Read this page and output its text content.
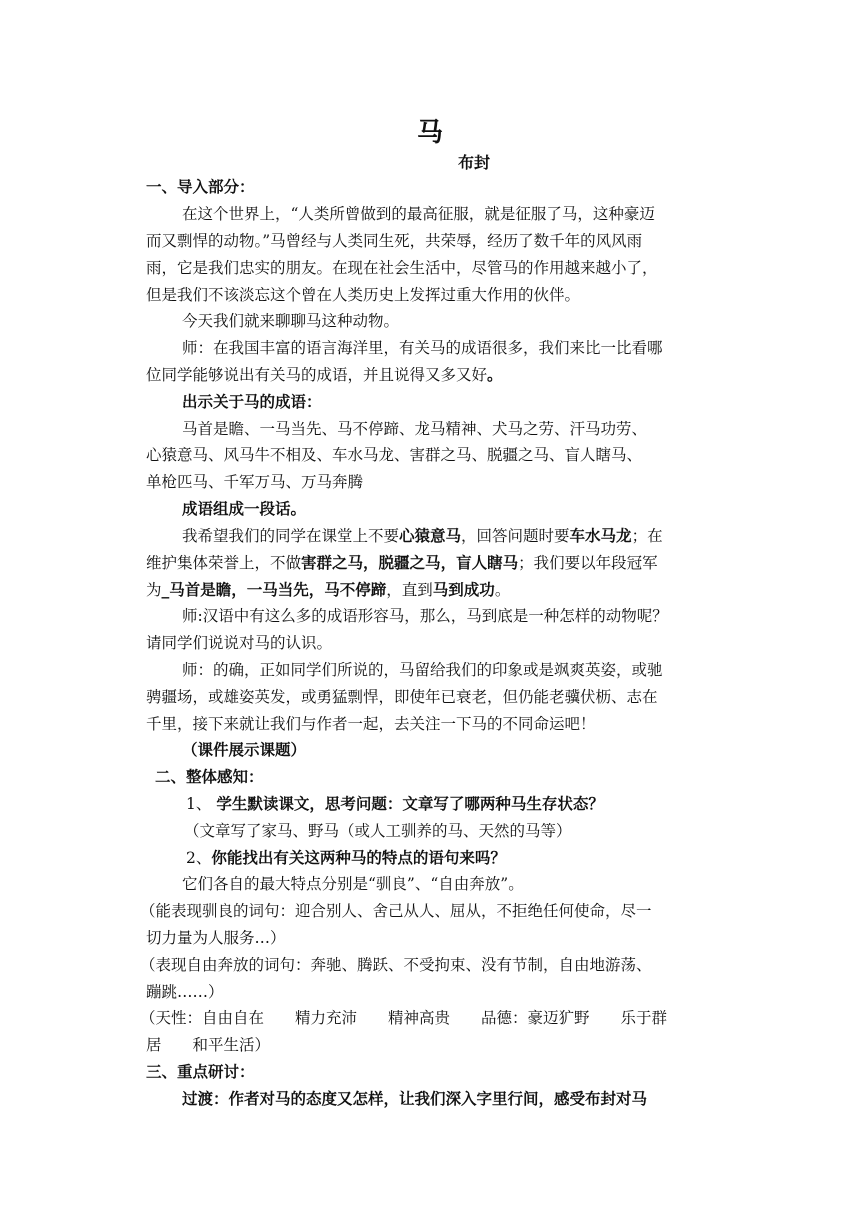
马
布封
一、导入部分：
在这个世界上，“人类所曾做到的最高征服，就是征服了马，这种豪迈
而又剽悍的动物。”马曾经与人类同生死，共荣辱，经历了数千年的风风雨
雨，它是我们忠实的朋友。在现在社会生活中，尽管马的作用越来越小了，
但是我们不该淡忘这个曾在人类历史上发挥过重大作用的伙伴。
今天我们就来聊聊马这种动物。
师：在我国丰富的语言海洋里，有关马的成语很多，我们来比一比看哪
位同学能够说出有关马的成语，并且说得又多又好。
出示关于马的成语：
马首是瞻、一马当先、马不停蹄、龙马精神、犬马之劳、汗马功劳、
心猿意马、风马牛不相及、车水马龙、害群之马、脱疆之马、盲人瞎马、
单枪匹马、千军万马、万马奔腾
成语组成一段话。
我希望我们的同学在课堂上不要心猿意马，回答问题时要车水马龙；在
维护集体荣誉上，不做害群之马，脱疆之马，盲人瞎马；我们要以年段冠军
为_马首是瞻，一马当先，马不停蹄，直到马到成功。
师:汉语中有这么多的成语形容马，那么，马到底是一种怎样的动物呢？
请同学们说说对马的认识。
师：的确，正如同学们所说的，马留给我们的印象或是飒爽英姿，或驰
骋疆场，或雄姿英发，或勇猛剽悍，即使年已衰老，但仍能老骥伏枥、志在
千里，接下来就让我们与作者一起，去关注一下马的不同命运吧！
（课件展示课题）
二、整体感知：
1、 学生默读课文，思考问题：文章写了哪两种马生存状态？
（文章写了家马、野马（或人工驯养的马、天然的马等）
2、你能找出有关这两种马的特点的语句来吗？
它们各自的最大特点分别是“驯良”、“自由奔放”。
（能表现驯良的词句：迎合别人、舍己从人、屈从，不拒绝任何使命，尽一
切力量为人服务…）
（表现自由奔放的词句：奔驰、腾跃、不受拘束、没有节制，自由地游荡、
蹦跳……）
（天性：自由自在　　精力充沛　　精神高贵　　品德：豪迈犷野　　乐于群
居　　和平生活）
三、重点研讨：
过渡：作者对马的态度又怎样，让我们深入字里行间，感受布封对马
